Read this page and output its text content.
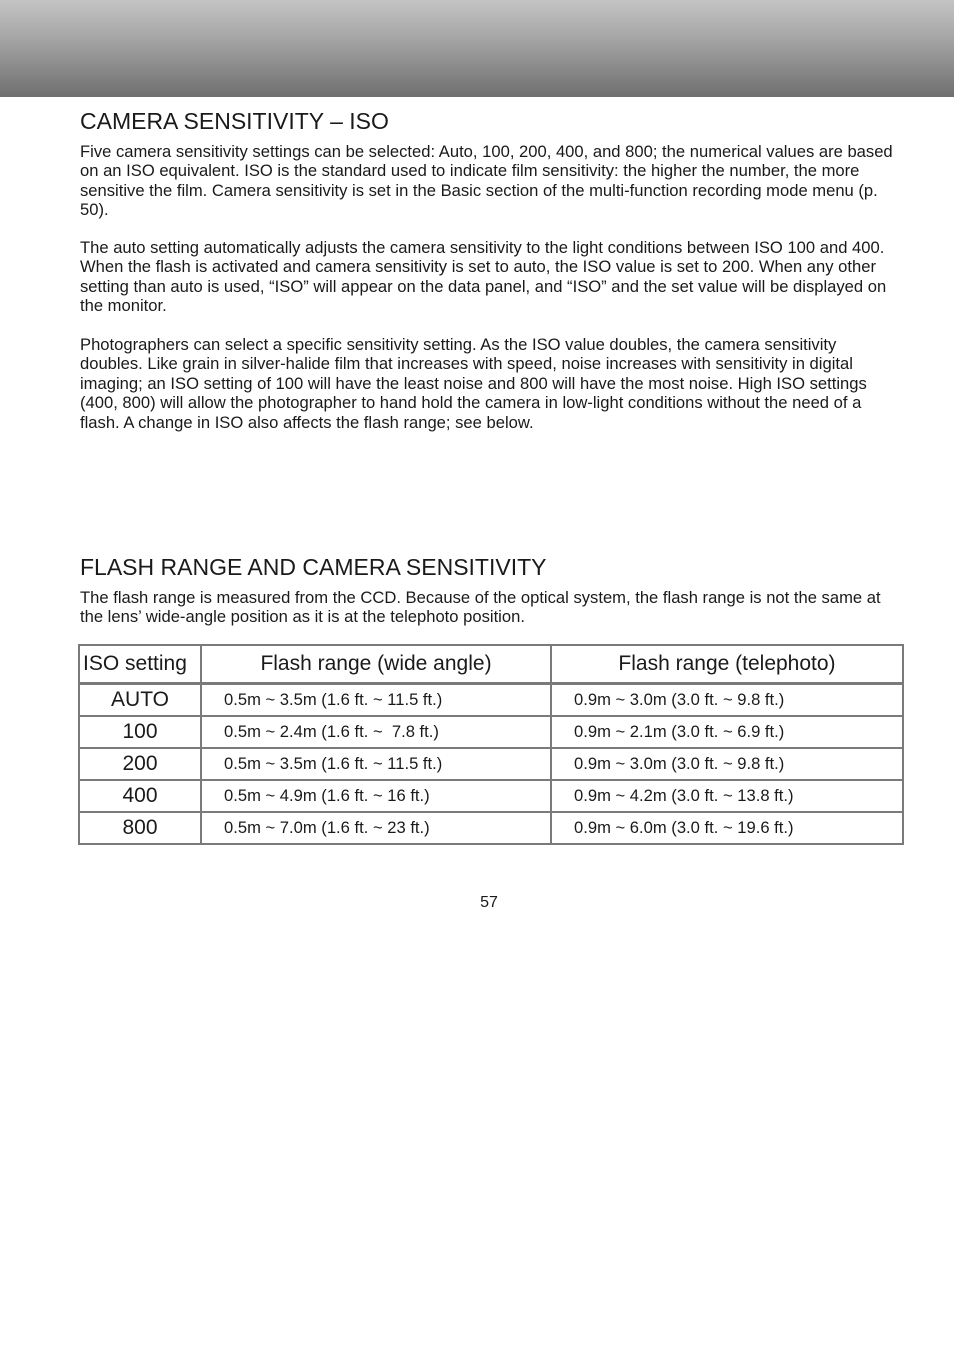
CAMERA SENSITIVITY – ISO

Five camera sensitivity settings can be selected: Auto, 100, 200, 400, and 800; the numerical values are based on an ISO equivalent. ISO is the standard used to indicate film sensitivity: the higher the number, the more sensitive the film. Camera sensitivity is set in the Basic section of the multi-function recording mode menu (p. 50).

The auto setting automatically adjusts the camera sensitivity to the light conditions between ISO 100 and 400. When the flash is activated and camera sensitivity is set to auto, the ISO value is set to 200. When any other setting than auto is used, “ISO” will appear on the data panel, and “ISO” and the set value will be displayed on the monitor.

Photographers can select a specific sensitivity setting. As the ISO value doubles, the camera sensitivity doubles. Like grain in silver-halide film that increases with speed, noise increases with sensitivity in digital imaging; an ISO setting of 100 will have the least noise and 800 will have the most noise. High ISO settings (400, 800) will allow the photographer to hand hold the camera in low-light conditions without the need of a flash. A change in ISO also affects the flash range; see below.

FLASH RANGE AND CAMERA SENSITIVITY

The flash range is measured from the CCD. Because of the optical system, the flash range is not the same at the lens’ wide-angle position as it is at the telephoto position.

ISO setting	Flash range (wide angle)	Flash range (telephoto)
AUTO	0.5m ~ 3.5m (1.6 ft. ~ 11.5 ft.)	0.9m ~ 3.0m (3.0 ft. ~ 9.8 ft.)
100	0.5m ~ 2.4m (1.6 ft. ~  7.8 ft.)	0.9m ~ 2.1m (3.0 ft. ~ 6.9 ft.)
200	0.5m ~ 3.5m (1.6 ft. ~ 11.5 ft.)	0.9m ~ 3.0m (3.0 ft. ~ 9.8 ft.)
400	0.5m ~ 4.9m (1.6 ft. ~ 16 ft.)	0.9m ~ 4.2m (3.0 ft. ~ 13.8 ft.)
800	0.5m ~ 7.0m (1.6 ft. ~ 23 ft.)	0.9m ~ 6.0m (3.0 ft. ~ 19.6 ft.)
57
